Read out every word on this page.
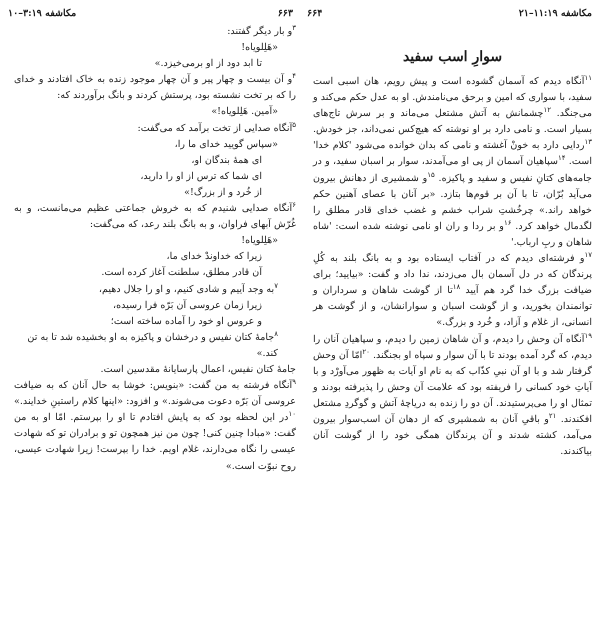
مکاشفه ۱۱:۱۹–۲۱
۶۶۴
۶۶۳
مکاشفه ۳:۱۹–۱۰
سوارِ اسب سفید

$^{۱۱}$آنگاه دیدم که آسمان گشوده است و پیش رویم، هان اسبی است سفید، با سواری که امین و برحق می‌نامندش. او به عدل حکم می‌کند و می‌جنگد. $^{۱۲}$چشمانش به آتش مشتعل می‌ماند و بر سرش تاج‌های بسیار است. و نامی دارد بر او نوشته که هیچ‌کس نمی‌داند، جز خودش. $^{۱۳}$ردایی دارد به خونْ آغشته و نامی که بدان خوانده می‌شود 'کلام خدا' است. $^{۱۴}$سپاهیان آسمان از پی او می‌آمدند، سوار بر اسبان سفید، و در جامه‌های کتانِ نفیس و سفید و پاکیزه. $^{۱۵}$و شمشیری از دهانش بیرون می‌آید بُرّان، تا با آن بر قوم‌ها بتازد. «بر آنان با عصای آهنین حکم خواهد راند.» چرخُشتِ شراب خشم و غضب خدای قادر مطلق را لگدمال خواهد کرد. $^{۱۶}$و بر ردا و ران او نامی نوشته شده است: 'شاه شاهان و ربِ ارباب.'

$^{۱۷}$و فرشته‌ای دیدم که در آفتاب ایستاده بود و به بانگ بلند به کُلِ پرندگان که در دل آسمان بال می‌زدند، ندا داد و گفت: «بیایید؛ برای ضیافت بزرگ خدا گرد هم آیید $^{۱۸}$تا از گوشت شاهان و سرداران و توانمندان بخورید، و از گوشت اسبان و سوارانشان، و از گوشت هر انسانی، از غلام و آزاد، و خُرد و بزرگ.»

$^{۱۹}$آنگاه آن وحش را دیدم، و آن شاهان زمین را دیدم، و سپاهیان آنان را دیدم، که گرد آمده بودند تا با آن سوار و سپاه او بجنگند. $^{۲۰}$امّا آن وحش گرفتار شد و با او آن نبیِ کذّاب که به نام او آیات به ظهور می‌آورْد و با آیاتِ خود کسانی را فریفته بود که علامت آن وحش را پذیرفته بودند و تمثال او را می‌پرستیدند. آن دو را زنده به دریاچهٔ آتش و گوگردِ مشتعل افکندند. $^{۲۱}$و باقیِ آنان به شمشیری که از دهان آن اسب‌سوار بیرون می‌آمد، کشته شدند و آن پرندگان همگی خود را از گوشت آنان بیاکندند.

$^۳$و بار دیگر گفتند:

«هَلِلویاه!

تا ابد دود از او برمی‌خیزد.»

$^۴$و آن بیست و چهار پیر و آن چهار موجود زنده به خاک افتادند و خدای را که بر تخت نشسته بود، پرستش کردند و بانگ برآوردند که:

«آمین. هَلِلویاه!»

$^۵$آنگاه صدایی از تخت برآمد که می‌گفت:

«سپاس گویید خدای ما را،

ای همهٔ بندگان او،

ای شما که ترس از او را دارید،

از خُرد و از بزرگ!»

$^۶$آنگاه صدایی شنیدم که به خروش جماعتی عظیم می‌مانست، و به غُرّش آبهای فراوان، و به بانگ بلند رعد، که می‌گفت:

«هَلِلویاه!

زیرا که خداوندْ خدای ما،

آن قادر مطلق، سلطنت آغاز کرده است.

$^۷$به وجد آییم و شادی کنیم، و او را جلال دهیم،

زیرا زمان عروسی آن بَرّه فرا رسیده،

و عروس او خود را آماده ساخته است؛

$^۸$جامهٔ کتان نفیس و درخشان و پاکیزه به او بخشیده شد تا به تن کند.»

جامهٔ کتان نفیس، اعمال پارسایانهٔ مقدسین است.

$^۹$آنگاه فرشته به من گفت: «بنویس: خوشا به حال آنان که به ضیافت عروسی آن بَرّه دعوت می‌شوند.» و افزود: «اینها کلام راستینِ خدایند.» $^{۱۰}$در این لحظه بود که به پایش افتادم تا او را بپرستم. امّا او به من گفت: «مبادا چنین کنی! چون من نیز همچون تو و برادران تو که شهادت عیسی را نگاه می‌دارند، غلام اویم. خدا را بپرست! زیرا شهادت عیسی، روح نبوّت است.»
